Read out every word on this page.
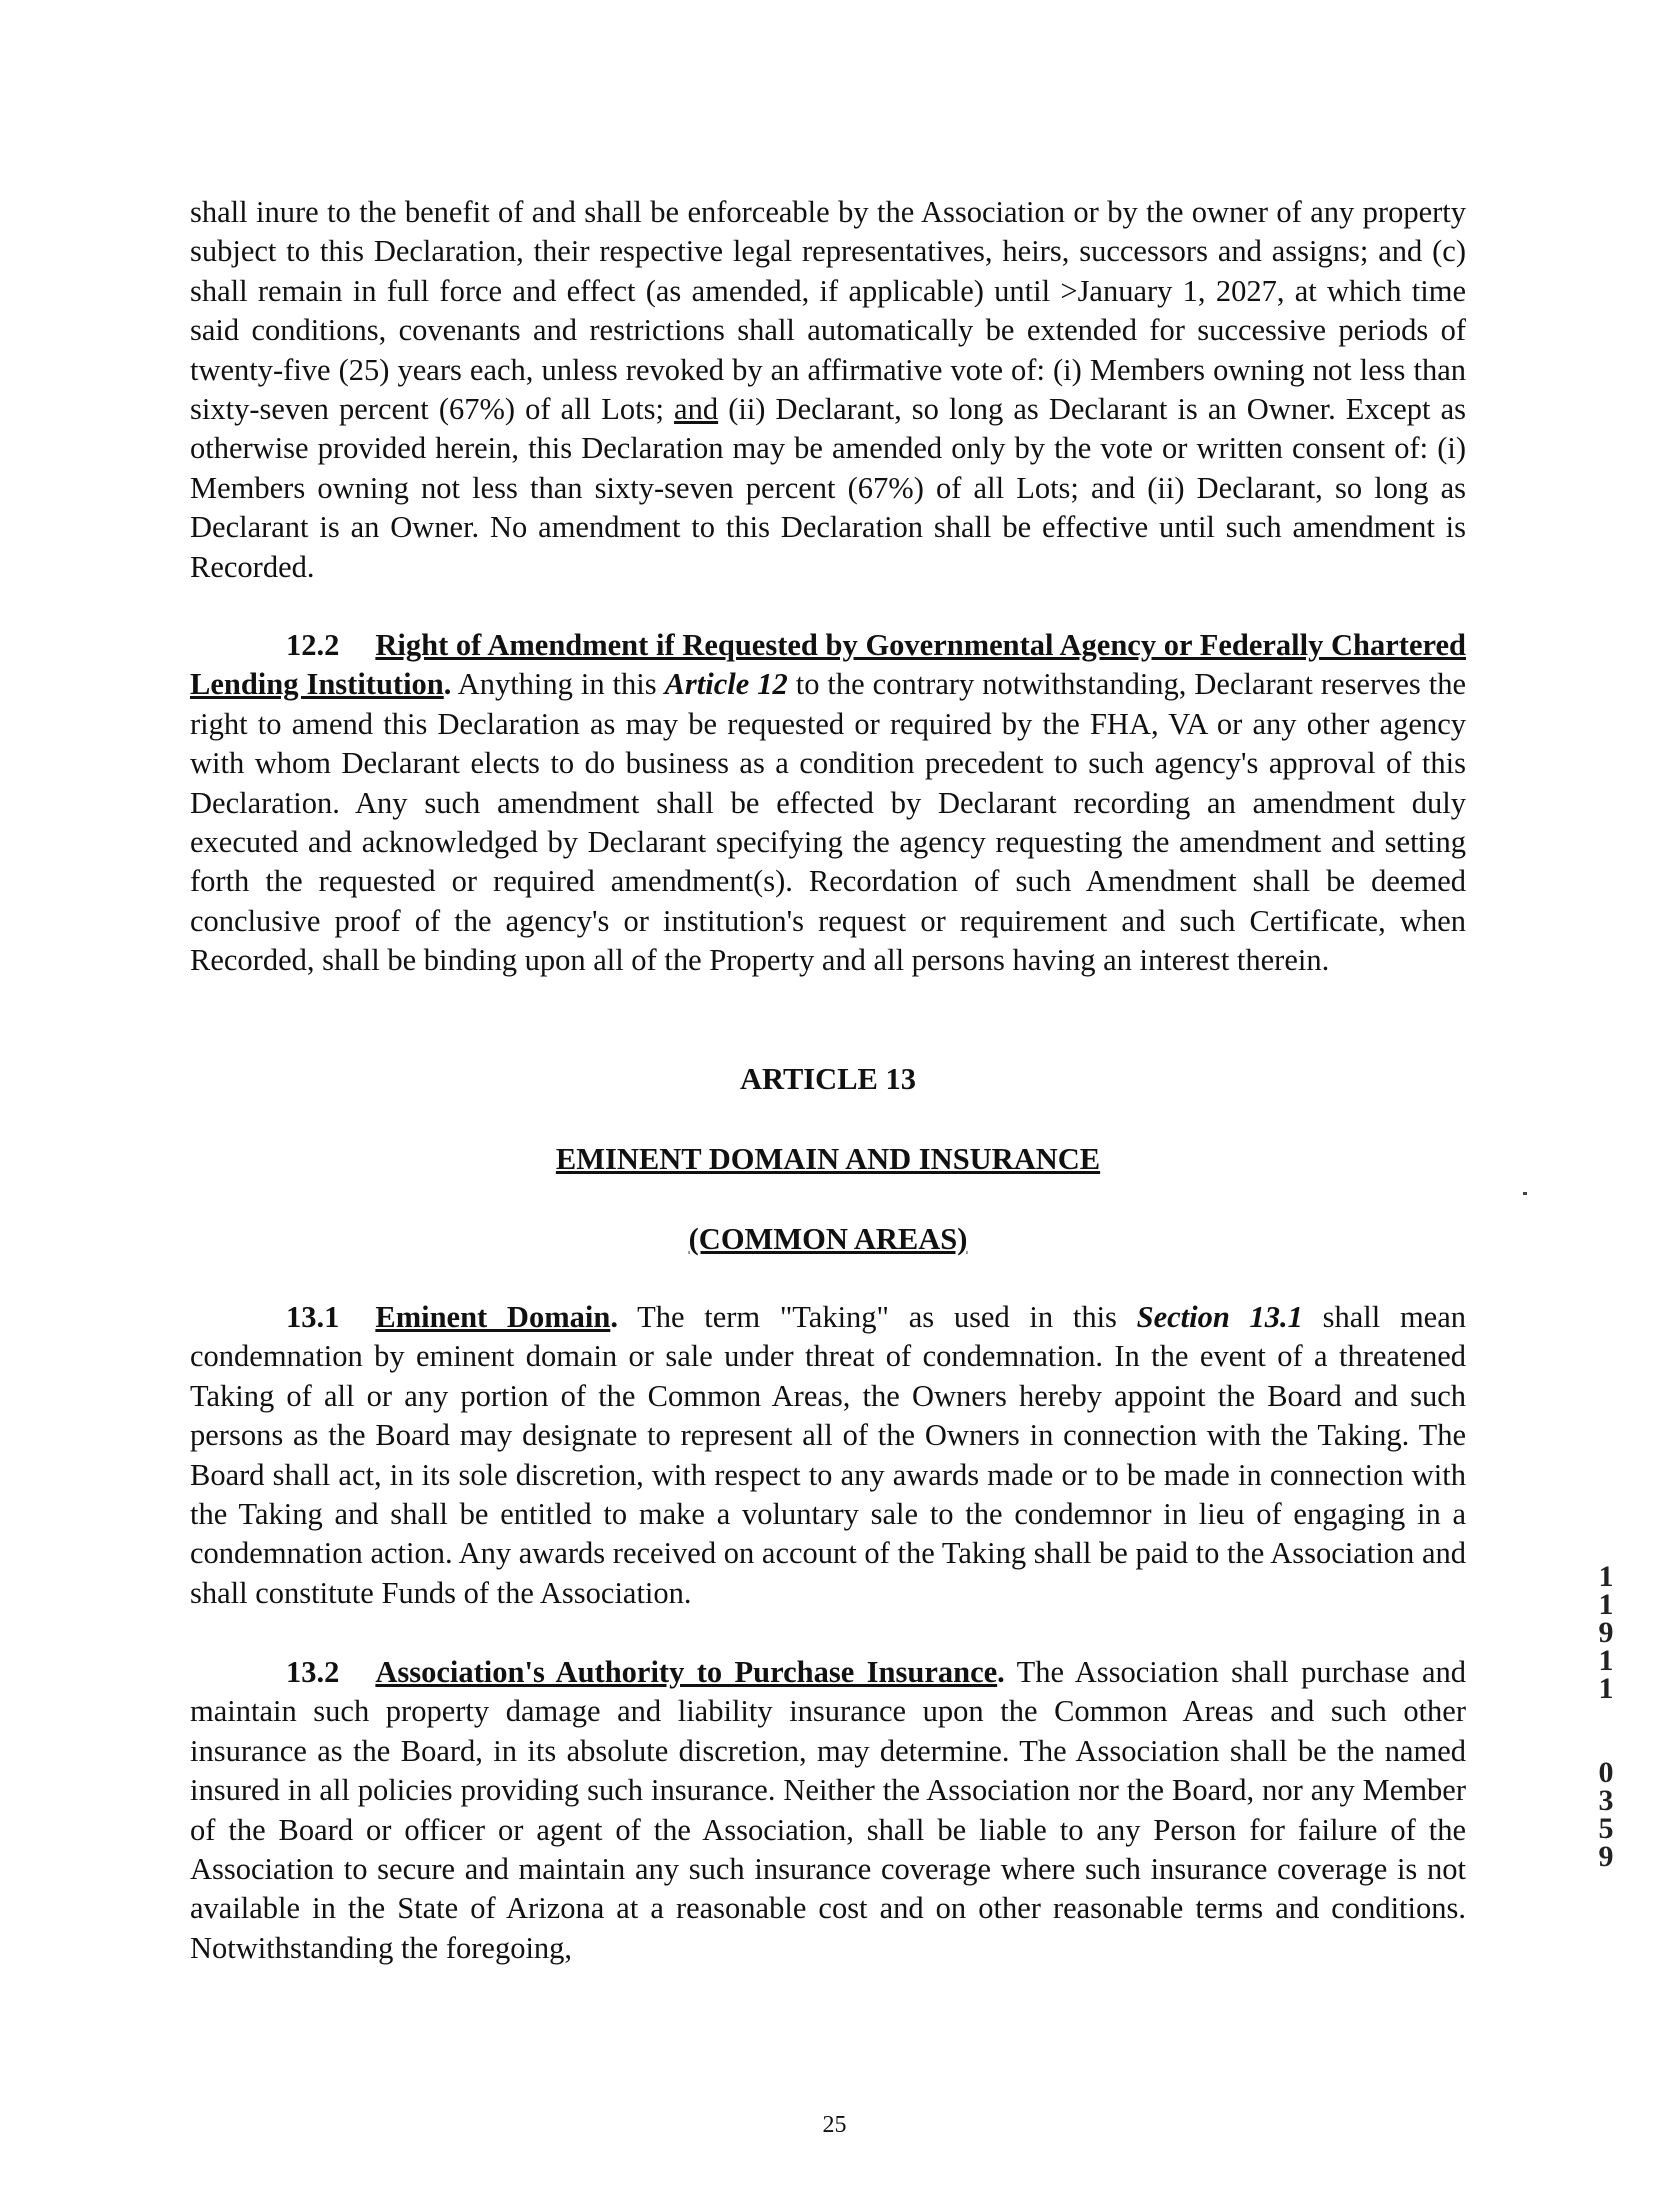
shall inure to the benefit of and shall be enforceable by the Association or by the owner of any property subject to this Declaration, their respective legal representatives, heirs, successors and assigns; and (c) shall remain in full force and effect (as amended, if applicable) until >January 1, 2027, at which time said conditions, covenants and restrictions shall automatically be extended for successive periods of twenty-five (25) years each, unless revoked by an affirmative vote of: (i) Members owning not less than sixty-seven percent (67%) of all Lots; and (ii) Declarant, so long as Declarant is an Owner. Except as otherwise provided herein, this Declaration may be amended only by the vote or written consent of: (i) Members owning not less than sixty-seven percent (67%) of all Lots; and (ii) Declarant, so long as Declarant is an Owner. No amendment to this Declaration shall be effective until such amendment is Recorded.

12.2 Right of Amendment if Requested by Governmental Agency or Federally Chartered Lending Institution. Anything in this Article 12 to the contrary notwithstanding, Declarant reserves the right to amend this Declaration as may be requested or required by the FHA, VA or any other agency with whom Declarant elects to do business as a condition precedent to such agency's approval of this Declaration. Any such amendment shall be effected by Declarant recording an amendment duly executed and acknowledged by Declarant specifying the agency requesting the amendment and setting forth the requested or required amendment(s). Recordation of such Amendment shall be deemed conclusive proof of the agency's or institution's request or requirement and such Certificate, when Recorded, shall be binding upon all of the Property and all persons having an interest therein.

ARTICLE 13

EMINENT DOMAIN AND INSURANCE

(COMMON AREAS)

13.1 Eminent Domain. The term "Taking" as used in this Section 13.1 shall mean condemnation by eminent domain or sale under threat of condemnation. In the event of a threatened Taking of all or any portion of the Common Areas, the Owners hereby appoint the Board and such persons as the Board may designate to represent all of the Owners in connection with the Taking. The Board shall act, in its sole discretion, with respect to any awards made or to be made in connection with the Taking and shall be entitled to make a voluntary sale to the condemnor in lieu of engaging in a condemnation action. Any awards received on account of the Taking shall be paid to the Association and shall constitute Funds of the Association.

13.2 Association's Authority to Purchase Insurance. The Association shall purchase and maintain such property damage and liability insurance upon the Common Areas and such other insurance as the Board, in its absolute discretion, may determine. The Association shall be the named insured in all policies providing such insurance. Neither the Association nor the Board, nor any Member of the Board or officer or agent of the Association, shall be liable to any Person for failure of the Association to secure and maintain any such insurance coverage where such insurance coverage is not available in the State of Arizona at a reasonable cost and on other reasonable terms and conditions. Notwithstanding the foregoing,

1
1
9
1
1
0
3
5
9
25
